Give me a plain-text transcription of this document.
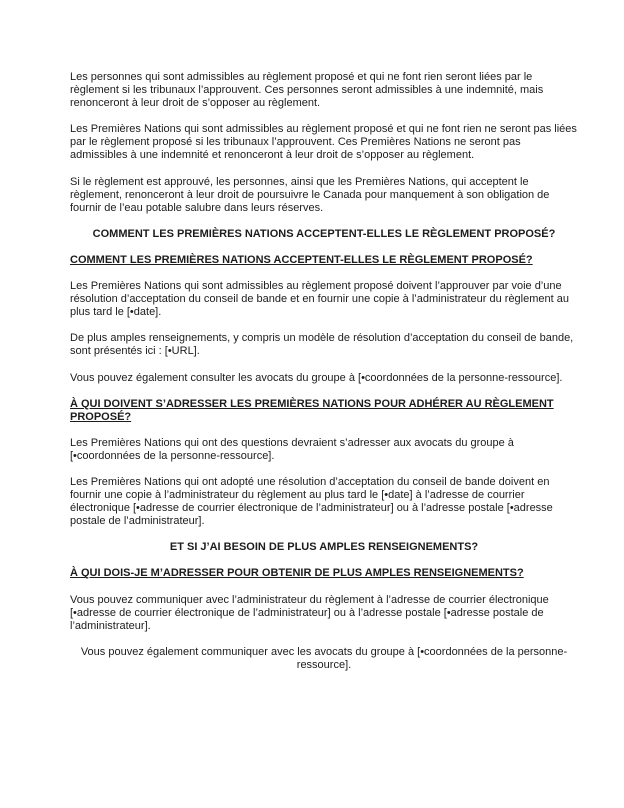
Les personnes qui sont admissibles au règlement proposé et qui ne font rien seront liées par le règlement si les tribunaux l’approuvent. Ces personnes seront admissibles à une indemnité, mais renonceront à leur droit de s’opposer au règlement.

Les Premières Nations qui sont admissibles au règlement proposé et qui ne font rien ne seront pas liées par le règlement proposé si les tribunaux l’approuvent. Ces Premières Nations ne seront pas admissibles à une indemnité et renonceront à leur droit de s’opposer au règlement.

Si le règlement est approuvé, les personnes, ainsi que les Premières Nations, qui acceptent le règlement, renonceront à leur droit de poursuivre le Canada pour manquement à son obligation de fournir de l’eau potable salubre dans leurs réserves.

COMMENT LES PREMIÈRES NATIONS ACCEPTENT-ELLES LE RÈGLEMENT PROPOSÉ?

COMMENT LES PREMIÈRES NATIONS ACCEPTENT-ELLES LE RÈGLEMENT PROPOSÉ?

Les Premières Nations qui sont admissibles au règlement proposé doivent l’approuver par voie d’une résolution d’acceptation du conseil de bande et en fournir une copie à l’administrateur du règlement au plus tard le [•date].

De plus amples renseignements, y compris un modèle de résolution d’acceptation du conseil de bande, sont présentés ici : [•URL].

Vous pouvez également consulter les avocats du groupe à [•coordonnées de la personne-ressource].

À QUI DOIVENT S’ADRESSER LES PREMIÈRES NATIONS POUR ADHÉRER AU RÈGLEMENT PROPOSÉ?

Les Premières Nations qui ont des questions devraient s’adresser aux avocats du groupe à [•coordonnées de la personne-ressource].

Les Premières Nations qui ont adopté une résolution d’acceptation du conseil de bande doivent en fournir une copie à l’administrateur du règlement au plus tard le [•date] à l’adresse de courrier électronique [•adresse de courrier électronique de l’administrateur] ou à l’adresse postale [•adresse postale de l’administrateur].

ET SI J’AI BESOIN DE PLUS AMPLES RENSEIGNEMENTS?

À QUI DOIS-JE M’ADRESSER POUR OBTENIR DE PLUS AMPLES RENSEIGNEMENTS?

Vous pouvez communiquer avec l’administrateur du règlement à l’adresse de courrier électronique [•adresse de courrier électronique de l’administrateur] ou à l’adresse postale [•adresse postale de l’administrateur].

Vous pouvez également communiquer avec les avocats du groupe à [•coordonnées de la personne-ressource].
